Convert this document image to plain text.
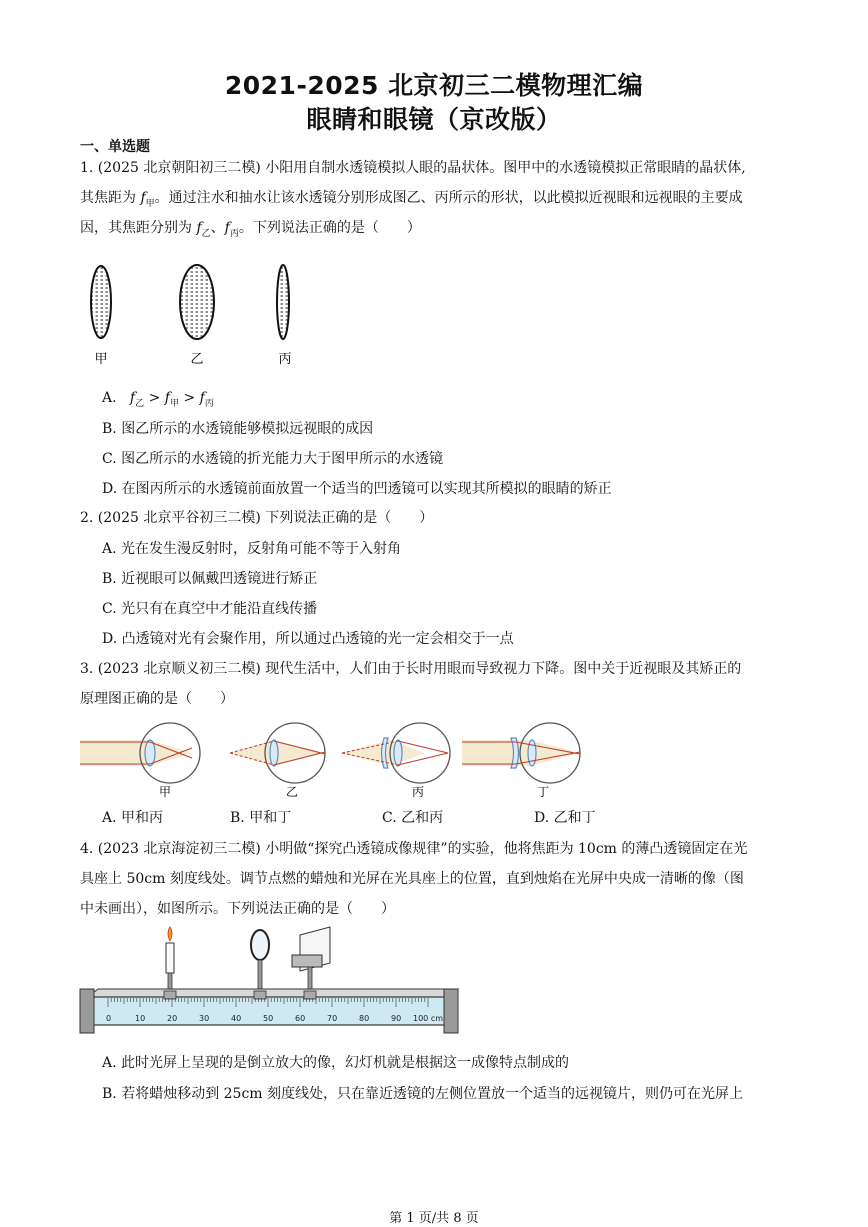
2021-2025 北京初三二模物理汇编
眼睛和眼镜（京改版）
一、单选题
1. (2025 北京朝阳初三二模) 小阳用自制水透镜模拟人眼的晶状体。图甲中的水透镜模拟正常眼睛的晶状体,
其焦距为 $f_甲$。通过注水和抽水让该水透镜分别形成图乙、丙所示的形状，以此模拟近视眼和远视眼的主要成
因，其焦距分别为 $f_乙$、$f_丙$。下列说法正确的是（　　）
甲	乙	丙
A. $f_乙 > f_甲 > f_丙$
B. 图乙所示的水透镜能够模拟远视眼的成因
C. 图乙所示的水透镜的折光能力大于图甲所示的水透镜
D. 在图丙所示的水透镜前面放置一个适当的凹透镜可以实现其所模拟的眼睛的矫正
2. (2025 北京平谷初三二模) 下列说法正确的是（　　）
A. 光在发生漫反射时，反射角可能不等于入射角
B. 近视眼可以佩戴凹透镜进行矫正
C. 光只有在真空中才能沿直线传播
D. 凸透镜对光有会聚作用，所以通过凸透镜的光一定会相交于一点
3. (2023 北京顺义初三二模) 现代生活中，人们由于长时用眼而导致视力下降。图中关于近视眼及其矫正的
原理图正确的是（　　）
甲	乙	丙	丁
A. 甲和丙	B. 甲和丁	C. 乙和丙	D. 乙和丁
4. (2023 北京海淀初三二模) 小明做“探究凸透镜成像规律”的实验，他将焦距为 10cm 的薄凸透镜固定在光
具座上 50cm 刻度线处。调节点燃的蜡烛和光屏在光具座上的位置，直到烛焰在光屏中央成一清晰的像（图
中未画出），如图所示。下列说法正确的是（　　）
0	10	20	30	40	50	60	70	80	90 100 cm
A. 此时光屏上呈现的是倒立放大的像，幻灯机就是根据这一成像特点制成的
B. 若将蜡烛移动到 25cm 刻度线处，只在靠近透镜的左侧位置放一个适当的远视镜片，则仍可在光屏上
第 1 页/共 8 页
